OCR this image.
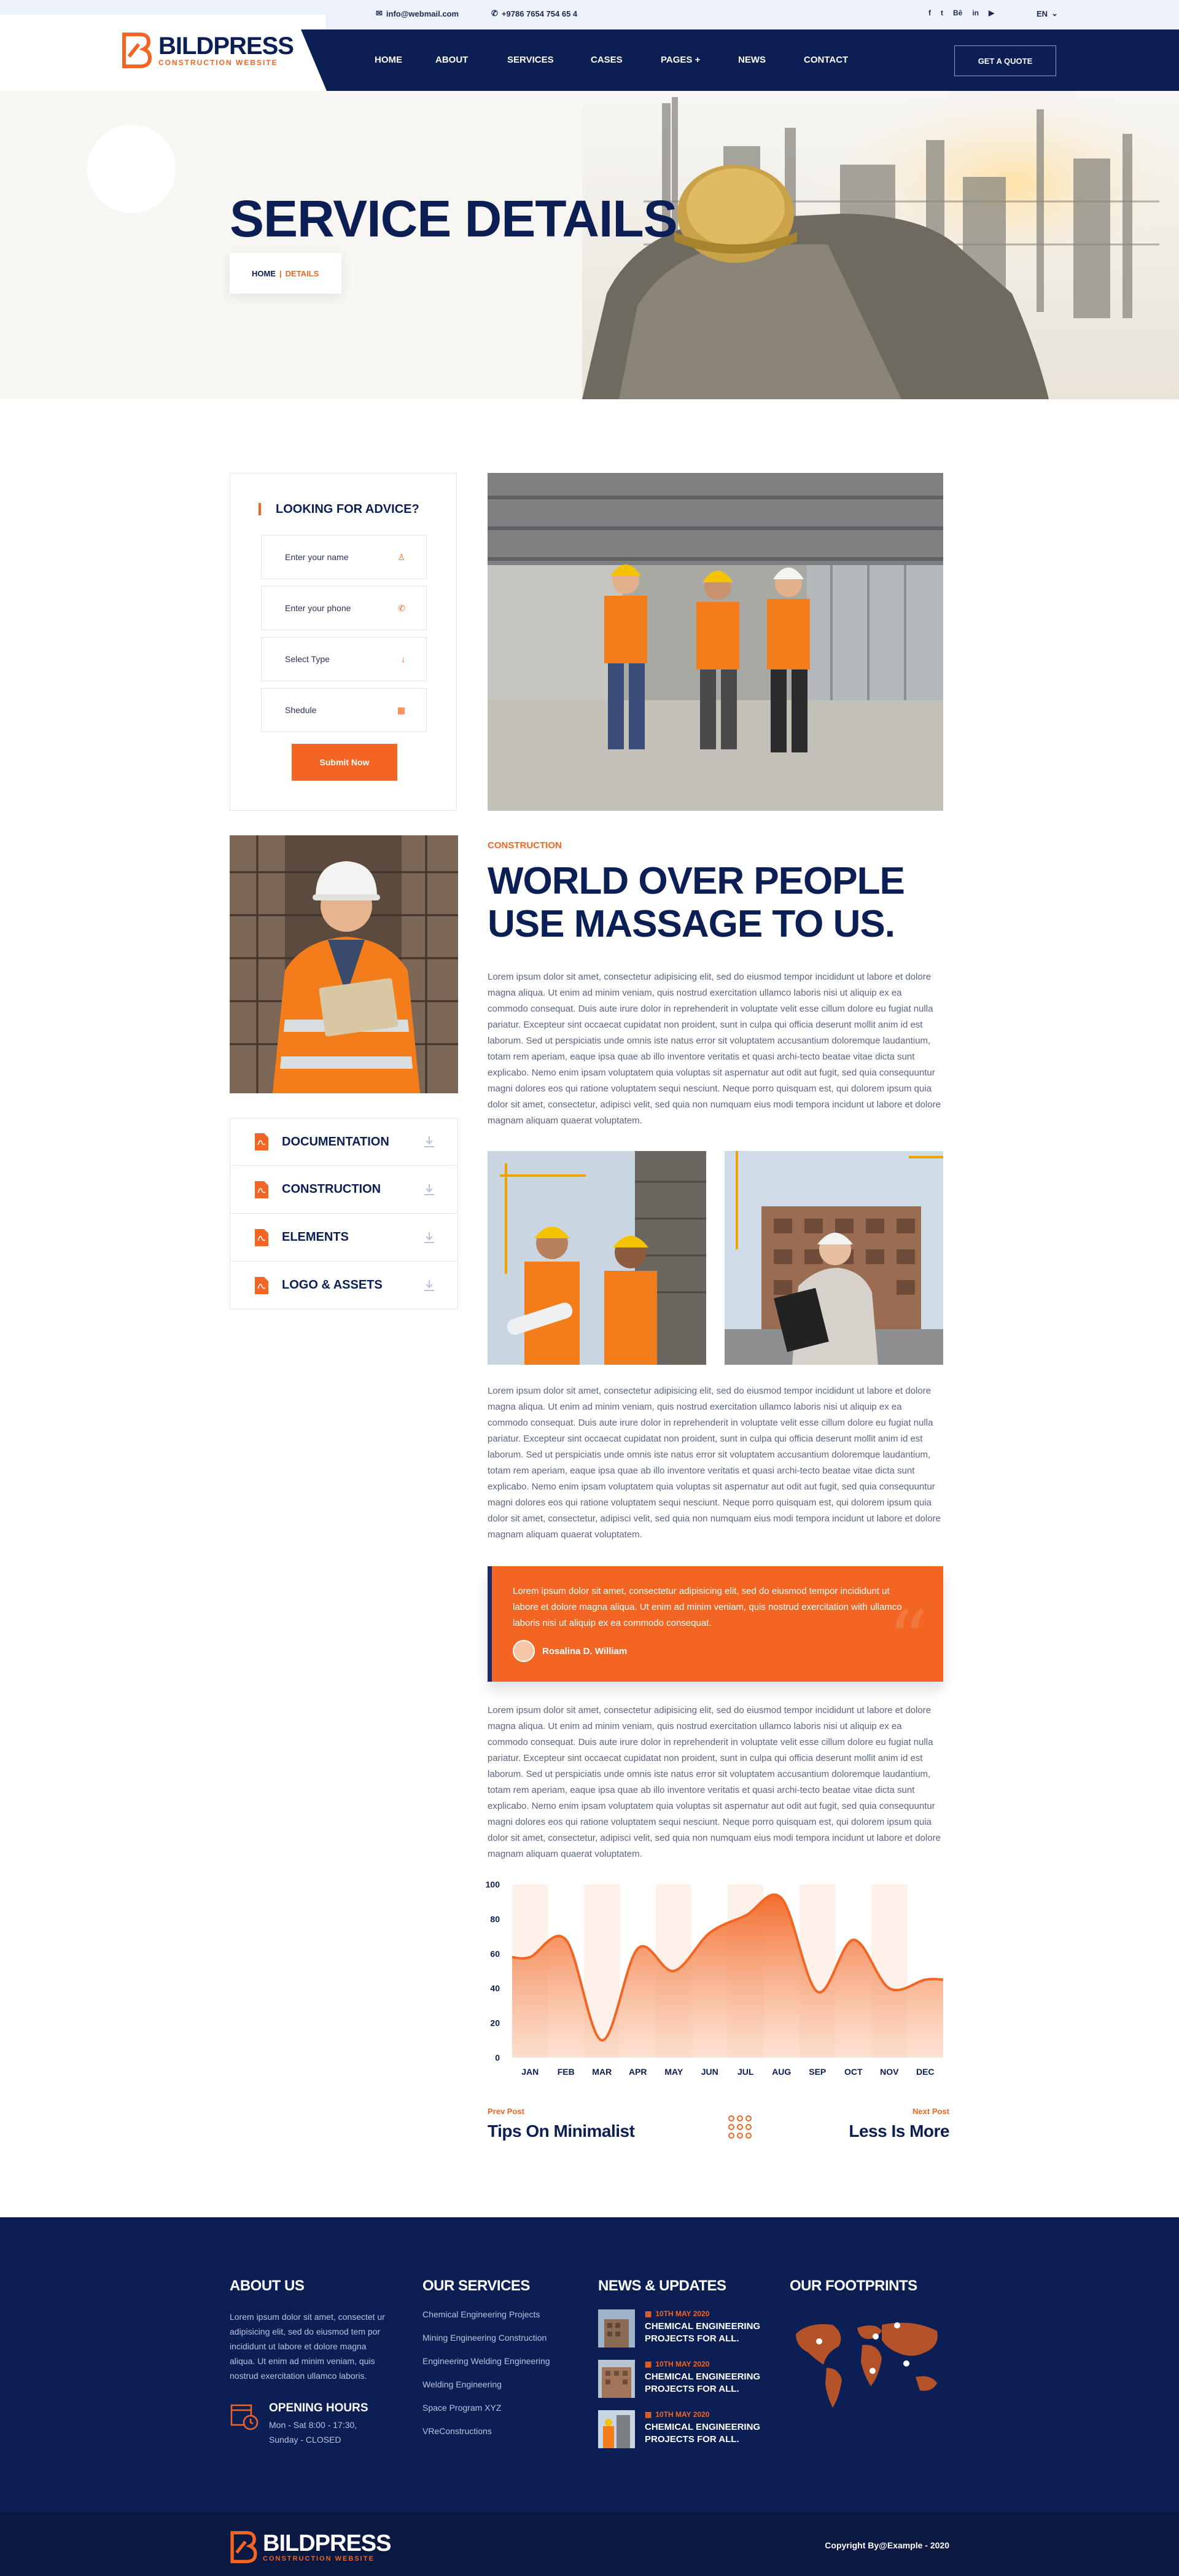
✉ info@webmail.com	✆ +9786 7654 754 65 4	f t Bē in ▶	EN ⌄
BILDPRESS
CONSTRUCTION WEBSITE	HOME	ABOUT	SERVICES	CASES	PAGES +	NEWS	CONTACT	GET A QUOTE
SERVICE DETAILS
HOME | DETAILS
LOOKING FOR ADVICE?
Enter your name	♙
Enter your phone	✆
Select Type	↓
Shedule	▦
Submit Now
DOCUMENTATION
CONSTRUCTION
ELEMENTS
LOGO & ASSETS
CONSTRUCTION
WORLD OVER PEOPLE USE MASSAGE TO US.

Lorem ipsum dolor sit amet, consectetur adipisicing elit, sed do eiusmod tempor incididunt ut labore et dolore magna aliqua. Ut enim ad minim veniam, quis nostrud exercitation ullamco laboris nisi ut aliquip ex ea commodo consequat. Duis aute irure dolor in reprehenderit in voluptate velit esse cillum dolore eu fugiat nulla pariatur. Excepteur sint occaecat cupidatat non proident, sunt in culpa qui officia deserunt mollit anim id est laborum. Sed ut perspiciatis unde omnis iste natus error sit voluptatem accusantium doloremque laudantium, totam rem aperiam, eaque ipsa quae ab illo inventore veritatis et quasi archi-tecto beatae vitae dicta sunt explicabo. Nemo enim ipsam voluptatem quia voluptas sit aspernatur aut odit aut fugit, sed quia consequuntur magni dolores eos qui ratione voluptatem sequi nesciunt. Neque porro quisquam est, qui dolorem ipsum quia dolor sit amet, consectetur, adipisci velit, sed quia non numquam eius modi tempora incidunt ut labore et dolore magnam aliquam quaerat voluptatem.

Lorem ipsum dolor sit amet, consectetur adipisicing elit, sed do eiusmod tempor incididunt ut labore et dolore magna aliqua. Ut enim ad minim veniam, quis nostrud exercitation ullamco laboris nisi ut aliquip ex ea commodo consequat. Duis aute irure dolor in reprehenderit in voluptate velit esse cillum dolore eu fugiat nulla pariatur. Excepteur sint occaecat cupidatat non proident, sunt in culpa qui officia deserunt mollit anim id est laborum. Sed ut perspiciatis unde omnis iste natus error sit voluptatem accusantium doloremque laudantium, totam rem aperiam, eaque ipsa quae ab illo inventore veritatis et quasi archi-tecto beatae vitae dicta sunt explicabo. Nemo enim ipsam voluptatem quia voluptas sit aspernatur aut odit aut fugit, sed quia consequuntur magni dolores eos qui ratione voluptatem sequi nesciunt. Neque porro quisquam est, qui dolorem ipsum quia dolor sit amet, consectetur, adipisci velit, sed quia non numquam eius modi tempora incidunt ut labore et dolore magnam aliquam quaerat voluptatem.

Lorem ipsum dolor sit amet, consectetur adipisicing elit, sed do eiusmod tempor incididunt ut labore et dolore magna aliqua. Ut enim ad minim veniam, quis nostrud exercitation with ullamco laboris nisi ut aliquip ex ea commodo consequat.

Rosalina D. William	“

Lorem ipsum dolor sit amet, consectetur adipisicing elit, sed do eiusmod tempor incididunt ut labore et dolore magna aliqua. Ut enim ad minim veniam, quis nostrud exercitation ullamco laboris nisi ut aliquip ex ea commodo consequat. Duis aute irure dolor in reprehenderit in voluptate velit esse cillum dolore eu fugiat nulla pariatur. Excepteur sint occaecat cupidatat non proident, sunt in culpa qui officia deserunt mollit anim id est laborum. Sed ut perspiciatis unde omnis iste natus error sit voluptatem accusantium doloremque laudantium, totam rem aperiam, eaque ipsa quae ab illo inventore veritatis et quasi archi-tecto beatae vitae dicta sunt explicabo. Nemo enim ipsam voluptatem quia voluptas sit aspernatur aut odit aut fugit, sed quia consequuntur magni dolores eos qui ratione voluptatem sequi nesciunt. Neque porro quisquam est, qui dolorem ipsum quia dolor sit amet, consectetur, adipisci velit, sed quia non numquam eius modi tempora incidunt ut labore et dolore magnam aliquam quaerat voluptatem.

0
20
40
60
80
100
JAN FEB MAR APR MAY JUN JUL AUG SEP OCT NOV DEC
Prev Post
Tips On Minimalist
Next Post
Less Is More
ABOUT US
Lorem ipsum dolor sit amet, consectet ur adipisicing elit, sed do eiusmod tem por incididunt ut labore et dolore magna aliqua. Ut enim ad minim veniam, quis nostrud exercitation ullamco laboris.
OPENING HOURS
Mon - Sat 8:00 - 17:30,
Sunday - CLOSED
OUR SERVICES
Chemical Engineering Projects
Mining Engineering Construction
Engineering Welding Engineering
Welding Engineering
Space Program XYZ
VReConstructions
NEWS & UPDATES
▦ 10TH MAY 2020
CHEMICAL ENGINEERING PROJECTS FOR ALL.
▦ 10TH MAY 2020
CHEMICAL ENGINEERING PROJECTS FOR ALL.
▦ 10TH MAY 2020
CHEMICAL ENGINEERING PROJECTS FOR ALL.
OUR FOOTPRINTS
BILDPRESS
CONSTRUCTION WEBSITE
Copyright By@Example - 2020
